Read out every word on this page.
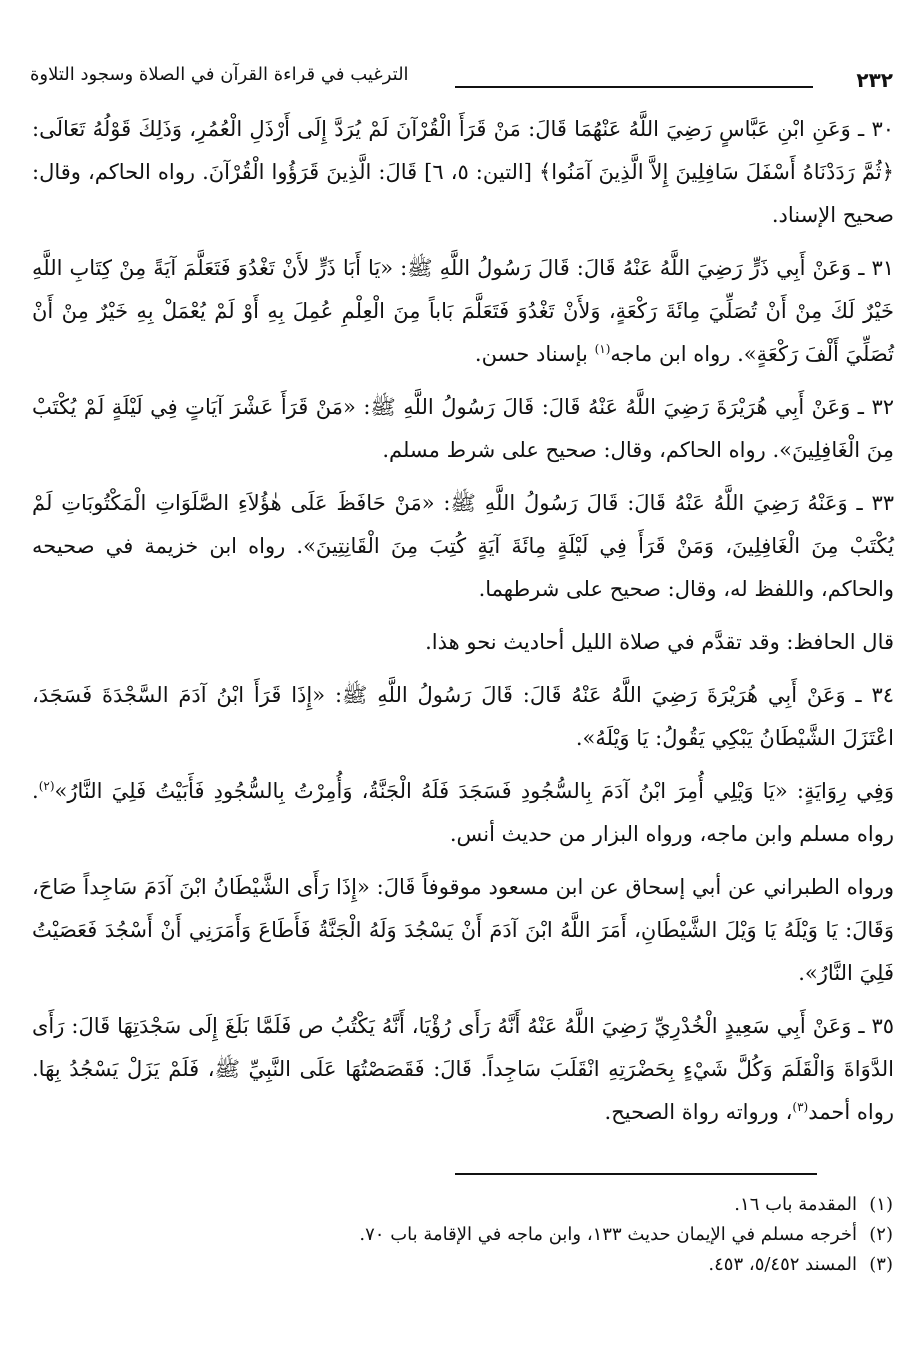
٢٣٢
الترغيب في قراءة القرآن في الصلاة وسجود التلاوة

٣٠ ـ وَعَنِ ابْنِ عَبَّاسٍ رَضِيَ اللَّهُ عَنْهُمَا قَالَ: مَنْ قَرَأَ الْقُرْآنَ لَمْ يُرَدَّ إِلَى أَرْذَلِ الْعُمُرِ، وَذَلِكَ قَوْلُهُ تَعَالَى: ﴿ثُمَّ رَدَدْنَاهُ أَسْفَلَ سَافِلِينَ إِلاَّ الَّذِينَ آمَنُوا﴾ [التين: ٥، ٦] قَالَ: الَّذِينَ قَرَؤُوا الْقُرْآنَ. رواه الحاكم، وقال: صحيح الإسناد.

٣١ ـ وَعَنْ أَبِي ذَرٍّ رَضِيَ اللَّهُ عَنْهُ قَالَ: قَالَ رَسُولُ اللَّهِ ﷺ: «يَا أَبَا ذَرٍّ لأَنْ تَغْدُوَ فَتَعَلَّمَ آيَةً مِنْ كِتَابِ اللَّهِ خَيْرٌ لَكَ مِنْ أَنْ تُصَلِّيَ مِائَةَ رَكْعَةٍ، وَلأَنْ تَغْدُوَ فَتَعَلَّمَ بَاباً مِنَ الْعِلْمِ عُمِلَ بِهِ أَوْ لَمْ يُعْمَلْ بِهِ خَيْرٌ مِنْ أَنْ تُصَلِّيَ أَلْفَ رَكْعَةٍ». رواه ابن ماجه$^{(١)}$ بإسناد حسن.

٣٢ ـ وَعَنْ أَبِي هُرَيْرَةَ رَضِيَ اللَّهُ عَنْهُ قَالَ: قَالَ رَسُولُ اللَّهِ ﷺ: «مَنْ قَرَأَ عَشْرَ آيَاتٍ فِي لَيْلَةٍ لَمْ يُكْتَبْ مِنَ الْغَافِلِينَ». رواه الحاكم، وقال: صحيح على شرط مسلم.

٣٣ ـ وَعَنْهُ رَضِيَ اللَّهُ عَنْهُ قَالَ: قَالَ رَسُولُ اللَّهِ ﷺ: «مَنْ حَافَظَ عَلَى هٰؤُلاَءِ الصَّلَوَاتِ الْمَكْتُوبَاتِ لَمْ يُكْتَبْ مِنَ الْغَافِلِينَ، وَمَنْ قَرَأَ فِي لَيْلَةٍ مِائَةَ آيَةٍ كُتِبَ مِنَ الْقَانِتِينَ». رواه ابن خزيمة في صحيحه والحاكم، واللفظ له، وقال: صحيح على شرطهما.

قال الحافظ: وقد تقدَّم في صلاة الليل أحاديث نحو هذا.

٣٤ ـ وَعَنْ أَبِي هُرَيْرَةَ رَضِيَ اللَّهُ عَنْهُ قَالَ: قَالَ رَسُولُ اللَّهِ ﷺ: «إِذَا قَرَأَ ابْنُ آدَمَ السَّجْدَةَ فَسَجَدَ، اعْتَزَلَ الشَّيْطَانُ يَبْكِي يَقُولُ: يَا وَيْلَهُ».

وَفِي رِوَايَةٍ: «يَا وَيْلِي أُمِرَ ابْنُ آدَمَ بِالسُّجُودِ فَسَجَدَ فَلَهُ الْجَنَّةُ، وَأُمِرْتُ بِالسُّجُودِ فَأَبَيْتُ فَلِيَ النَّارُ»$^{(٢)}$. رواه مسلم وابن ماجه، ورواه البزار من حديث أنس.

ورواه الطبراني عن أبي إسحاق عن ابن مسعود موقوفاً قَالَ: «إِذَا رَأَى الشَّيْطَانُ ابْنَ آدَمَ سَاجِداً صَاحَ، وَقَالَ: يَا وَيْلَهُ يَا وَيْلَ الشَّيْطَانِ، أَمَرَ اللَّهُ ابْنَ آدَمَ أَنْ يَسْجُدَ وَلَهُ الْجَنَّةُ فَأَطَاعَ وَأَمَرَنِي أَنْ أَسْجُدَ فَعَصَيْتُ فَلِيَ النَّارُ».

٣٥ ـ وَعَنْ أَبِي سَعِيدٍ الْخُدْرِيِّ رَضِيَ اللَّهُ عَنْهُ أَنَّهُ رَأَى رُؤْيَا، أَنَّهُ يَكْتُبُ ص فَلَمَّا بَلَغَ إِلَى سَجْدَتِهَا قَالَ: رَأَى الدَّوَاةَ وَالْقَلَمَ وَكُلَّ شَيْءٍ بِحَضْرَتِهِ انْقَلَبَ سَاجِداً. قَالَ: فَقَصَصْتُهَا عَلَى النَّبِيِّ ﷺ، فَلَمْ يَزَلْ يَسْجُدُ بِهَا. رواه أحمد$^{(٣)}$، ورواته رواة الصحيح.

(١)المقدمة باب ١٦.
(٢)أخرجه مسلم في الإيمان حديث ١٣٣، وابن ماجه في الإقامة باب ٧٠.
(٣)المسند ٥/٤٥٢، ٤٥٣.
